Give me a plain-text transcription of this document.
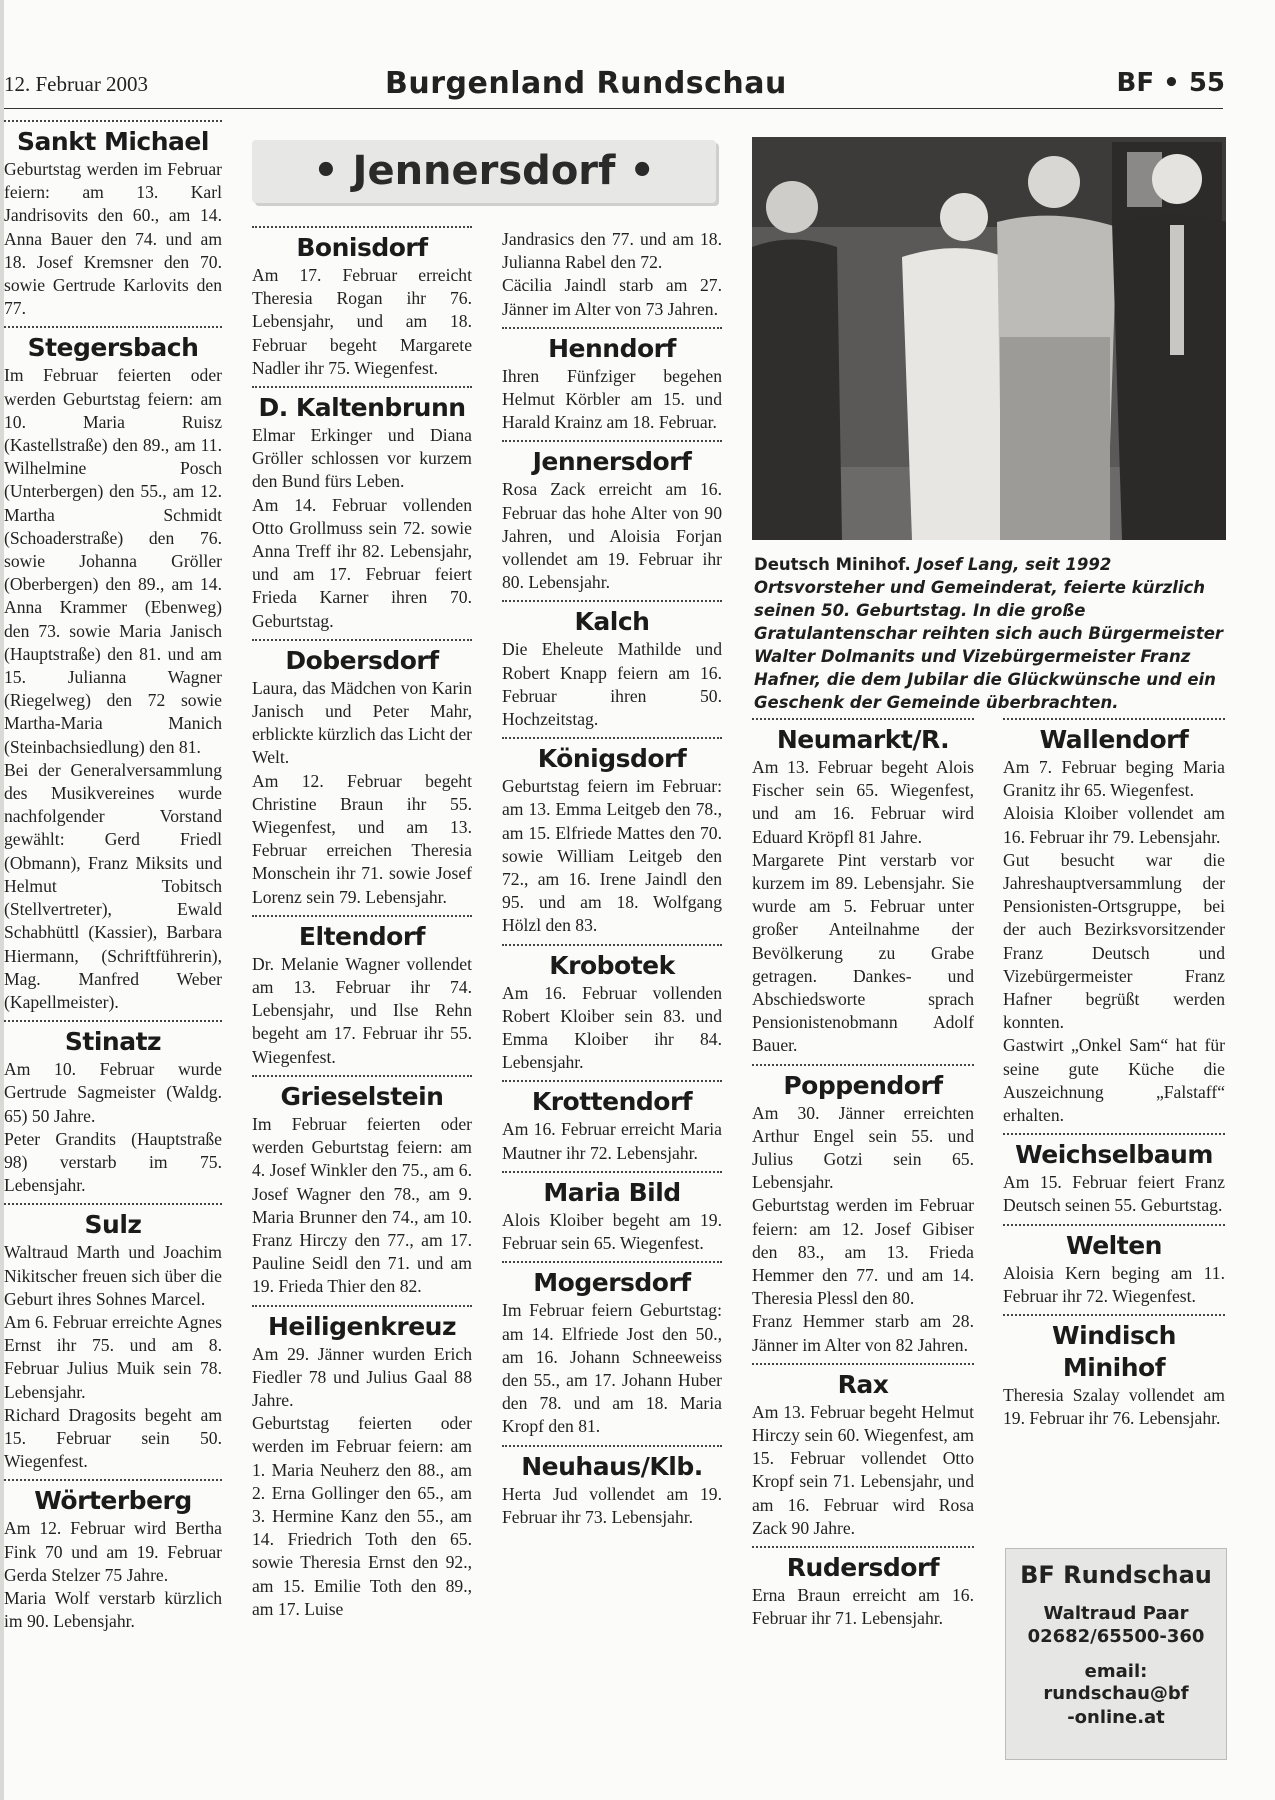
12. Februar 2003	Burgenland Rundschau	BF • 55
Sankt Michael

Geburtstag werden im Februar feiern: am 13. Karl Jandrisovits den 60., am 14. Anna Bauer den 74. und am 18. Josef Kremsner den 70. sowie Gertrude Karlovits den 77.

Stegersbach

Im Februar feierten oder werden Geburtstag feiern: am 10. Maria Ruisz (Kastellstraße) den 89., am 11. Wilhelmine Posch (Unterbergen) den 55., am 12. Martha Schmidt (Schoaderstraße) den 76. sowie Johanna Gröller (Oberbergen) den 89., am 14. Anna Krammer (Ebenweg) den 73. sowie Maria Janisch (Hauptstraße) den 81. und am 15. Julianna Wagner (Riegelweg) den 72 sowie Martha-Maria Manich (Steinbachsiedlung) den 81.

Bei der Generalversammlung des Musikvereines wurde nachfolgender Vorstand gewählt: Gerd Friedl (Obmann), Franz Miksits und Helmut Tobitsch (Stellvertreter), Ewald Schabhüttl (Kassier), Barbara Hiermann, (Schriftführerin), Mag. Manfred Weber (Kapellmeister).

Stinatz

Am 10. Februar wurde Gertrude Sagmeister (Waldg. 65) 50 Jahre.

Peter Grandits (Hauptstraße 98) verstarb im 75. Lebensjahr.

Sulz

Waltraud Marth und Joachim Nikitscher freuen sich über die Geburt ihres Sohnes Marcel.

Am 6. Februar erreichte Agnes Ernst ihr 75. und am 8. Februar Julius Muik sein 78. Lebensjahr.

Richard Dragosits begeht am 15. Februar sein 50. Wiegenfest.

Wörterberg

Am 12. Februar wird Bertha Fink 70 und am 19. Februar Gerda Stelzer 75 Jahre.

Maria Wolf verstarb kürzlich im 90. Lebensjahr.

• Jennersdorf •
Bonisdorf

Am 17. Februar erreicht Theresia Rogan ihr 76. Lebensjahr, und am 18. Februar begeht Margarete Nadler ihr 75. Wiegenfest.

D. Kaltenbrunn

Elmar Erkinger und Diana Gröller schlossen vor kurzem den Bund fürs Leben.

Am 14. Februar vollenden Otto Grollmuss sein 72. sowie Anna Treff ihr 82. Lebensjahr, und am 17. Februar feiert Frieda Karner ihren 70. Geburtstag.

Dobersdorf

Laura, das Mädchen von Karin Janisch und Peter Mahr, erblickte kürzlich das Licht der Welt.

Am 12. Februar begeht Christine Braun ihr 55. Wiegenfest, und am 13. Februar erreichen Theresia Monschein ihr 71. sowie Josef Lorenz sein 79. Lebensjahr.

Eltendorf

Dr. Melanie Wagner vollendet am 13. Februar ihr 74. Lebensjahr, und Ilse Rehn begeht am 17. Februar ihr 55. Wiegenfest.

Grieselstein

Im Februar feierten oder werden Geburtstag feiern: am 4. Josef Winkler den 75., am 6. Josef Wagner den 78., am 9. Maria Brunner den 74., am 10. Franz Hirczy den 77., am 17. Pauline Seidl den 71. und am 19. Frieda Thier den 82.

Heiligenkreuz

Am 29. Jänner wurden Erich Fiedler 78 und Julius Gaal 88 Jahre.

Geburtstag feierten oder werden im Februar feiern: am 1. Maria Neuherz den 88., am 2. Erna Gollinger den 65., am 3. Hermine Kanz den 55., am 14. Friedrich Toth den 65. sowie Theresia Ernst den 92., am 15. Emilie Toth den 89., am 17. Luise

Jandrasics den 77. und am 18. Julianna Rabel den 72.

Cäcilia Jaindl starb am 27. Jänner im Alter von 73 Jahren.

Henndorf

Ihren Fünfziger begehen Helmut Körbler am 15. und Harald Krainz am 18. Februar.

Jennersdorf

Rosa Zack erreicht am 16. Februar das hohe Alter von 90 Jahren, und Aloisia Forjan vollendet am 19. Februar ihr 80. Lebensjahr.

Kalch

Die Eheleute Mathilde und Robert Knapp feiern am 16. Februar ihren 50. Hochzeitstag.

Königsdorf

Geburtstag feiern im Februar: am 13. Emma Leitgeb den 78., am 15. Elfriede Mattes den 70. sowie William Leitgeb den 72., am 16. Irene Jaindl den 95. und am 18. Wolfgang Hölzl den 83.

Krobotek

Am 16. Februar vollenden Robert Kloiber sein 83. und Emma Kloiber ihr 84. Lebensjahr.

Krottendorf

Am 16. Februar erreicht Maria Mautner ihr 72. Lebensjahr.

Maria Bild

Alois Kloiber begeht am 19. Februar sein 65. Wiegenfest.

Mogersdorf

Im Februar feiern Geburtstag: am 14. Elfriede Jost den 50., am 16. Johann Schneeweiss den 55., am 17. Johann Huber den 78. und am 18. Maria Kropf den 81.

Neuhaus/Klb.

Herta Jud vollendet am 19. Februar ihr 73. Lebensjahr.

Deutsch Minihof. Josef Lang, seit 1992 Ortsvorsteher und Gemeinderat, feierte kürzlich seinen 50. Geburtstag. In die große Gratulantenschar reihten sich auch Bürgermeister Walter Dolmanits und Vizebürgermeister Franz Hafner, die dem Jubilar die Glückwünsche und ein Geschenk der Gemeinde überbrachten.
Neumarkt/R.

Am 13. Februar begeht Alois Fischer sein 65. Wiegenfest, und am 16. Februar wird Eduard Kröpfl 81 Jahre.

Margarete Pint verstarb vor kurzem im 89. Lebensjahr. Sie wurde am 5. Februar unter großer Anteilnahme der Bevölkerung zu Grabe getragen. Dankes- und Abschiedsworte sprach Pensionistenobmann Adolf Bauer.

Poppendorf

Am 30. Jänner erreichten Arthur Engel sein 55. und Julius Gotzi sein 65. Lebensjahr.

Geburtstag werden im Februar feiern: am 12. Josef Gibiser den 83., am 13. Frieda Hemmer den 77. und am 14. Theresia Plessl den 80.

Franz Hemmer starb am 28. Jänner im Alter von 82 Jahren.

Rax

Am 13. Februar begeht Helmut Hirczy sein 60. Wiegenfest, am 15. Februar vollendet Otto Kropf sein 71. Lebensjahr, und am 16. Februar wird Rosa Zack 90 Jahre.

Rudersdorf

Erna Braun erreicht am 16. Februar ihr 71. Lebensjahr.

Wallendorf

Am 7. Februar beging Maria Granitz ihr 65. Wiegenfest.

Aloisia Kloiber vollendet am 16. Februar ihr 79. Lebensjahr.

Gut besucht war die Jahreshauptversammlung der Pensionisten-Ortsgruppe, bei der auch Bezirksvorsitzender Franz Deutsch und Vizebürgermeister Franz Hafner begrüßt werden konnten.

Gastwirt „Onkel Sam“ hat für seine gute Küche die Auszeichnung „Falstaff“ erhalten.

Weichselbaum

Am 15. Februar feiert Franz Deutsch seinen 55. Geburtstag.

Welten

Aloisia Kern beging am 11. Februar ihr 72. Wiegenfest.

Windisch Minihof

Theresia Szalay vollendet am 19. Februar ihr 76. Lebensjahr.

BF Rundschau
Waltraud Paar
02682/65500-360
email:
rundschau@bf
-online.at
